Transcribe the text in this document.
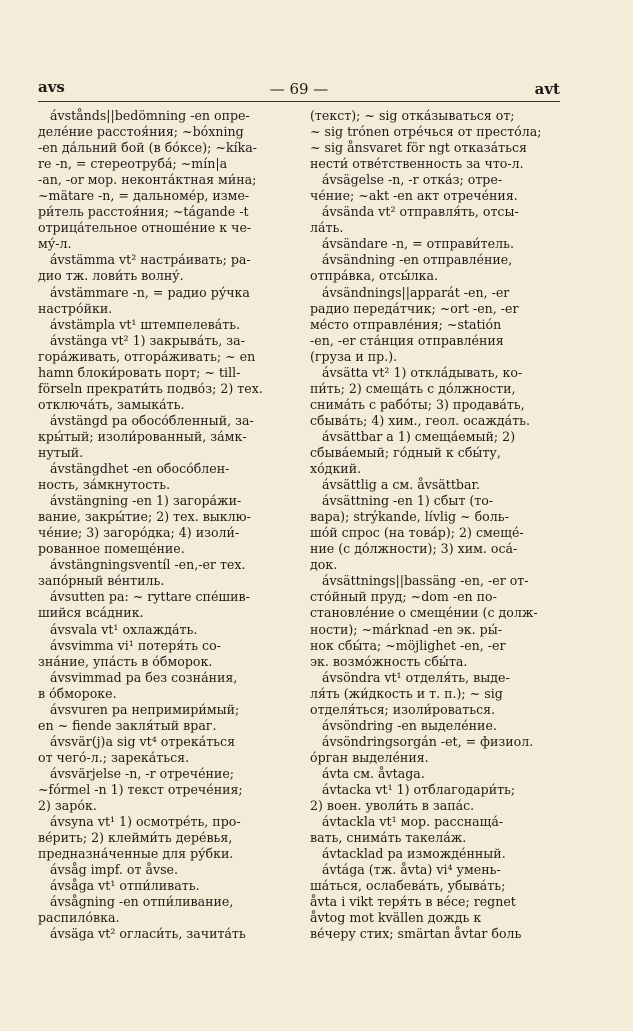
avs	— 69 —	avt
ávstånds||bedömning -en опре-
деле́ние расстоя́ния; ~bóxning
-en да́льний бой (в бо́ксе); ~kíka-
re -n, = стереотруба́; ~mín|a
-an, -or мор. неконта́ктная ми́на;
~mätare -n, = дальноме́р, изме-
ри́тель расстоя́ния; ~tágande -t
отрица́тельное отноше́ние к че-
му́-л.
ávstämma vt² настра́ивать; ра-
дио тж. лови́ть волну́.
ávstämmare -n, = радио ру́чка
настро́йки.
ávstämpla vt¹ штемпелева́ть.
ávstänga vt² 1) закрыва́ть, за-
гора́живать, отгора́живать; ~ en
hamn блоки́ровать порт; ~ till-
förseln прекрати́ть подво́з; 2) тех.
отключа́ть, замыка́ть.
ávstängd pa обосо́бленный, за-
кры́тый; изоли́рованный, за́мк-
нутый.
ávstängdhet -en обосо́блен-
ность, за́мкнутость.
ávstängning -en 1) загора́жи-
вание, закры́тие; 2) тех. выклю-
че́ние; 3) загоро́дка; 4) изоли́-
рованное помеще́ние.
ávstängningsventíl -en,-er тех.
запо́рный ве́нтиль.
ávsutten pa: ~ ryttare спе́шив-
шийся вса́дник.
ávsvala vt¹ охлажда́ть.
ávsvimma vi¹ потеря́ть со-
зна́ние, упа́сть в о́бморок.
ávsvimmad pa без созна́ния,
в о́бмороке.
ávsvuren pa непримири́мый;
en ~ fiende закля́тый враг.
ávsvär(j)a sig vt⁴ отрека́ться
от чего́-л.; зарека́ться.
ávsvärjelse -n, -r отрече́ние;
~fórmel -n 1) текст отрече́ния;
2) заро́к.
ávsyna vt¹ 1) осмотре́ть, про-
ве́рить; 2) клейми́ть дере́вья,
предназна́ченные для ру́бки.
ávsåg impf. от åvse.
ávsåga vt¹ отпи́ливать.
ávsågning -en отпи́ливание,
распило́вка.
ávsäga vt² огласи́ть, зачита́ть
(текст); ~ sig отка́зываться от;
~ sig trónen отре́чься от престо́ла;
~ sig ånsvaret för ngt отказа́ться
нести́ отве́тственность за что-л.
ávsägelse -n, -r отка́з; отре-
че́ние; ~akt -en акт отрече́ния.
ávsända vt² отправля́ть, отсы-
ла́ть.
ávsändare -n, = отправи́тель.
ávsändning -en отправле́ние,
отпра́вка, отсы́лка.
ávsändnings||apparát -en, -er
радио переда́тчик; ~ort -en, -er
ме́сто отправле́ния; ~statión
-en, -er ста́нция отправле́ния
(груза и пр.).
ávsätta vt² 1) откла́дывать, ко-
пи́ть; 2) смеща́ть с до́лжности,
снима́ть с рабо́ты; 3) продава́ть,
сбыва́ть; 4) хим., геол. осажда́ть.
ávsättbar a 1) смеща́емый; 2)
сбыва́емый; го́дный к сбы́ту,
хо́дкий.
ávsättlig а см. åvsättbar.
ávsättning -en 1) сбыт (то-
вара); strýkande, lívlig ~ боль-
шо́й спрос (на това́р); 2) смеще́-
ние (с до́лжности); 3) хим. оса́-
док.
ávsättnings||bassäng -en, -er от-
сто́йный пруд; ~dom -en по-
становле́ние о смеще́нии (с долж-
ности); ~márknad -en эк. ры́-
нок сбы́та; ~möjlighet -en, -er
эк. возмо́жность сбы́та.
ávsöndra vt¹ отделя́ть, выде-
ля́ть (жи́дкость и т. п.); ~ sig
отделя́ться; изоли́роваться.
ávsöndring -en выделе́ние.
ávsöndringsorgán -et, = физиол.
о́рган выделе́ния.
ávta см. åvtaga.
ávtacka vt¹ 1) отблагодари́ть;
2) воен. уволи́ть в запа́с.
ávtackla vt¹ мор. расснаща́-
вать, снима́ть такела́ж.
ávtacklad pa изможде́нный.
ávtága (тж. åvta) vi⁴ умень-
ша́ться, ослабева́ть, убыва́ть;
åvta i vikt теря́ть в ве́се; regnet
åvtog mot kvällen дождь к
ве́черу стих; smärtan åvtar боль
